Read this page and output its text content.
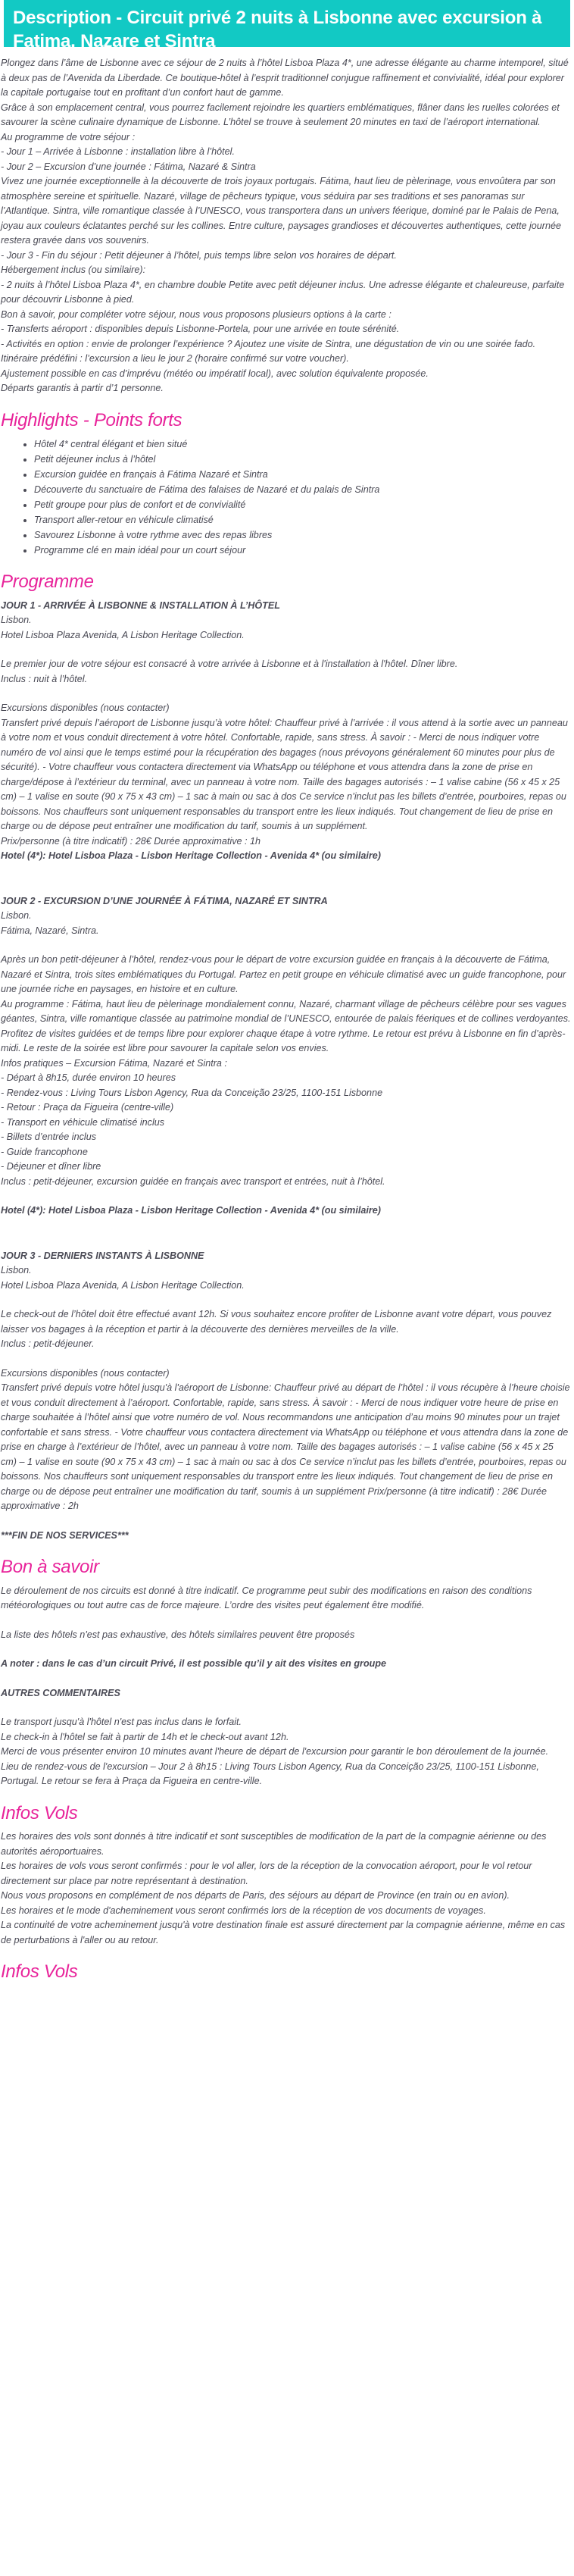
Description - Circuit privé 2 nuits à Lisbonne avec excursion à Fatima, Nazare et Sintra

Plongez dans l’âme de Lisbonne avec ce séjour de 2 nuits à l’hôtel Lisboa Plaza 4*, une adresse élégante au charme intemporel, situé à deux pas de l’Avenida da Liberdade. Ce boutique-hôtel à l’esprit traditionnel conjugue raffinement et convivialité, idéal pour explorer la capitale portugaise tout en profitant d’un confort haut de gamme.

Grâce à son emplacement central, vous pourrez facilement rejoindre les quartiers emblématiques, flâner dans les ruelles colorées et savourer la scène culinaire dynamique de Lisbonne. L’hôtel se trouve à seulement 20 minutes en taxi de l’aéroport international.

Au programme de votre séjour :

- Jour 1 – Arrivée à Lisbonne : installation libre à l’hôtel.

- Jour 2 – Excursion d’une journée : Fátima, Nazaré & Sintra

Vivez une journée exceptionnelle à la découverte de trois joyaux portugais. Fátima, haut lieu de pèlerinage, vous envoûtera par son atmosphère sereine et spirituelle. Nazaré, village de pêcheurs typique, vous séduira par ses traditions et ses panoramas sur l’Atlantique. Sintra, ville romantique classée à l’UNESCO, vous transportera dans un univers féerique, dominé par le Palais de Pena, joyau aux couleurs éclatantes perché sur les collines. Entre culture, paysages grandioses et découvertes authentiques, cette journée restera gravée dans vos souvenirs.

- Jour 3 - Fin du séjour : Petit déjeuner à l’hôtel, puis temps libre selon vos horaires de départ.

Hébergement inclus (ou similaire):

- 2 nuits à l’hôtel Lisboa Plaza 4*, en chambre double Petite avec petit déjeuner inclus. Une adresse élégante et chaleureuse, parfaite pour découvrir Lisbonne à pied.

Bon à savoir, pour compléter votre séjour, nous vous proposons plusieurs options à la carte :

- Transferts aéroport : disponibles depuis Lisbonne-Portela, pour une arrivée en toute sérénité.

- Activités en option : envie de prolonger l’expérience ? Ajoutez une visite de Sintra, une dégustation de vin ou une soirée fado.

Itinéraire prédéfini : l’excursion a lieu le jour 2 (horaire confirmé sur votre voucher).

Ajustement possible en cas d’imprévu (météo ou impératif local), avec solution équivalente proposée.

Départs garantis à partir d’1 personne.

Highlights - Points forts
• Hôtel 4* central élégant et bien situé
• Petit déjeuner inclus à l’hôtel
• Excursion guidée en français à Fátima Nazaré et Sintra
• Découverte du sanctuaire de Fátima des falaises de Nazaré et du palais de Sintra
• Petit groupe pour plus de confort et de convivialité
• Transport aller-retour en véhicule climatisé
• Savourez Lisbonne à votre rythme avec des repas libres
• Programme clé en main idéal pour un court séjour
Programme

JOUR 1 - ARRIVÉE À LISBONNE & INSTALLATION À L’HÔTEL

Lisbon.

Hotel Lisboa Plaza Avenida, A Lisbon Heritage Collection.

Le premier jour de votre séjour est consacré à votre arrivée à Lisbonne et à l'installation à l'hôtel. Dîner libre.

Inclus : nuit à l’hôtel.

Excursions disponibles (nous contacter)

Transfert privé depuis l’aéroport de Lisbonne jusqu’à votre hôtel: Chauffeur privé à l’arrivée : il vous attend à la sortie avec un panneau à votre nom et vous conduit directement à votre hôtel. Confortable, rapide, sans stress. À savoir : - Merci de nous indiquer votre numéro de vol ainsi que le temps estimé pour la récupération des bagages (nous prévoyons généralement 60 minutes pour plus de sécurité). - Votre chauffeur vous contactera directement via WhatsApp ou téléphone et vous attendra dans la zone de prise en charge/dépose à l’extérieur du terminal, avec un panneau à votre nom. Taille des bagages autorisés : – 1 valise cabine (56 x 45 x 25 cm) – 1 valise en soute (90 x 75 x 43 cm) – 1 sac à main ou sac à dos Ce service n’inclut pas les billets d’entrée, pourboires, repas ou boissons. Nos chauffeurs sont uniquement responsables du transport entre les lieux indiqués. Tout changement de lieu de prise en charge ou de dépose peut entraîner une modification du tarif, soumis à un supplément.

Prix/personne (à titre indicatif) : 28€ Durée approximative : 1h

Hotel (4*): Hotel Lisboa Plaza - Lisbon Heritage Collection - Avenida 4* (ou similaire)

JOUR 2 - EXCURSION D’UNE JOURNÉE À FÁTIMA, NAZARÉ ET SINTRA

Lisbon.

Fátima, Nazaré, Sintra.

Après un bon petit-déjeuner à l’hôtel, rendez-vous pour le départ de votre excursion guidée en français à la découverte de Fátima, Nazaré et Sintra, trois sites emblématiques du Portugal. Partez en petit groupe en véhicule climatisé avec un guide francophone, pour une journée riche en paysages, en histoire et en culture.

Au programme : Fátima, haut lieu de pèlerinage mondialement connu, Nazaré, charmant village de pêcheurs célèbre pour ses vagues géantes, Sintra, ville romantique classée au patrimoine mondial de l’UNESCO, entourée de palais féeriques et de collines verdoyantes.

Profitez de visites guidées et de temps libre pour explorer chaque étape à votre rythme. Le retour est prévu à Lisbonne en fin d’après-midi. Le reste de la soirée est libre pour savourer la capitale selon vos envies.

Infos pratiques – Excursion Fátima, Nazaré et Sintra :

- Départ à 8h15, durée environ 10 heures

- Rendez-vous : Living Tours Lisbon Agency, Rua da Conceição 23/25, 1100-151 Lisbonne

- Retour : Praça da Figueira (centre-ville)

- Transport en véhicule climatisé inclus

- Billets d’entrée inclus

- Guide francophone

- Déjeuner et dîner libre

Inclus : petit-déjeuner, excursion guidée en français avec transport et entrées, nuit à l’hôtel.

Hotel (4*): Hotel Lisboa Plaza - Lisbon Heritage Collection - Avenida 4* (ou similaire)

JOUR 3 - DERNIERS INSTANTS À LISBONNE

Lisbon.

Hotel Lisboa Plaza Avenida, A Lisbon Heritage Collection.

Le check-out de l’hôtel doit être effectué avant 12h. Si vous souhaitez encore profiter de Lisbonne avant votre départ, vous pouvez laisser vos bagages à la réception et partir à la découverte des dernières merveilles de la ville.

Inclus : petit-déjeuner.

Excursions disponibles (nous contacter)

Transfert privé depuis votre hôtel jusqu'à l'aéroport de Lisbonne: Chauffeur privé au départ de l’hôtel : il vous récupère à l’heure choisie et vous conduit directement à l’aéroport. Confortable, rapide, sans stress. À savoir : - Merci de nous indiquer votre heure de prise en charge souhaitée à l’hôtel ainsi que votre numéro de vol. Nous recommandons une anticipation d’au moins 90 minutes pour un trajet confortable et sans stress. - Votre chauffeur vous contactera directement via WhatsApp ou téléphone et vous attendra dans la zone de prise en charge à l’extérieur de l’hôtel, avec un panneau à votre nom. Taille des bagages autorisés : – 1 valise cabine (56 x 45 x 25 cm) – 1 valise en soute (90 x 75 x 43 cm) – 1 sac à main ou sac à dos Ce service n’inclut pas les billets d’entrée, pourboires, repas ou boissons. Nos chauffeurs sont uniquement responsables du transport entre les lieux indiqués. Tout changement de lieu de prise en charge ou de dépose peut entraîner une modification du tarif, soumis à un supplément Prix/personne (à titre indicatif) : 28€ Durée approximative : 2h

***FIN DE NOS SERVICES***

Bon à savoir

Le déroulement de nos circuits est donné à titre indicatif. Ce programme peut subir des modifications en raison des conditions météorologiques ou tout autre cas de force majeure. L’ordre des visites peut également être modifié.

La liste des hôtels n'est pas exhaustive, des hôtels similaires peuvent être proposés

A noter : dans le cas d’un circuit Privé, il est possible qu’il y ait des visites en groupe

AUTRES COMMENTAIRES

Le transport jusqu'à l'hôtel n'est pas inclus dans le forfait.

Le check-in à l'hôtel se fait à partir de 14h et le check-out avant 12h.

Merci de vous présenter environ 10 minutes avant l'heure de départ de l'excursion pour garantir le bon déroulement de la journée.

Lieu de rendez-vous de l'excursion – Jour 2 à 8h15 : Living Tours Lisbon Agency, Rua da Conceição 23/25, 1100-151 Lisbonne, Portugal. Le retour se fera à Praça da Figueira en centre-ville.

Infos Vols

Les horaires des vols sont donnés à titre indicatif et sont susceptibles de modification de la part de la compagnie aérienne ou des autorités aéroportuaires.

Les horaires de vols vous seront confirmés : pour le vol aller, lors de la réception de la convocation aéroport, pour le vol retour directement sur place par notre représentant à destination.

Nous vous proposons en complément de nos départs de Paris, des séjours au départ de Province (en train ou en avion).

Les horaires et le mode d'acheminement vous seront confirmés lors de la réception de vos documents de voyages.

La continuité de votre acheminement jusqu'à votre destination finale est assuré directement par la compagnie aérienne, même en cas de perturbations à l'aller ou au retour.

Infos Vols
